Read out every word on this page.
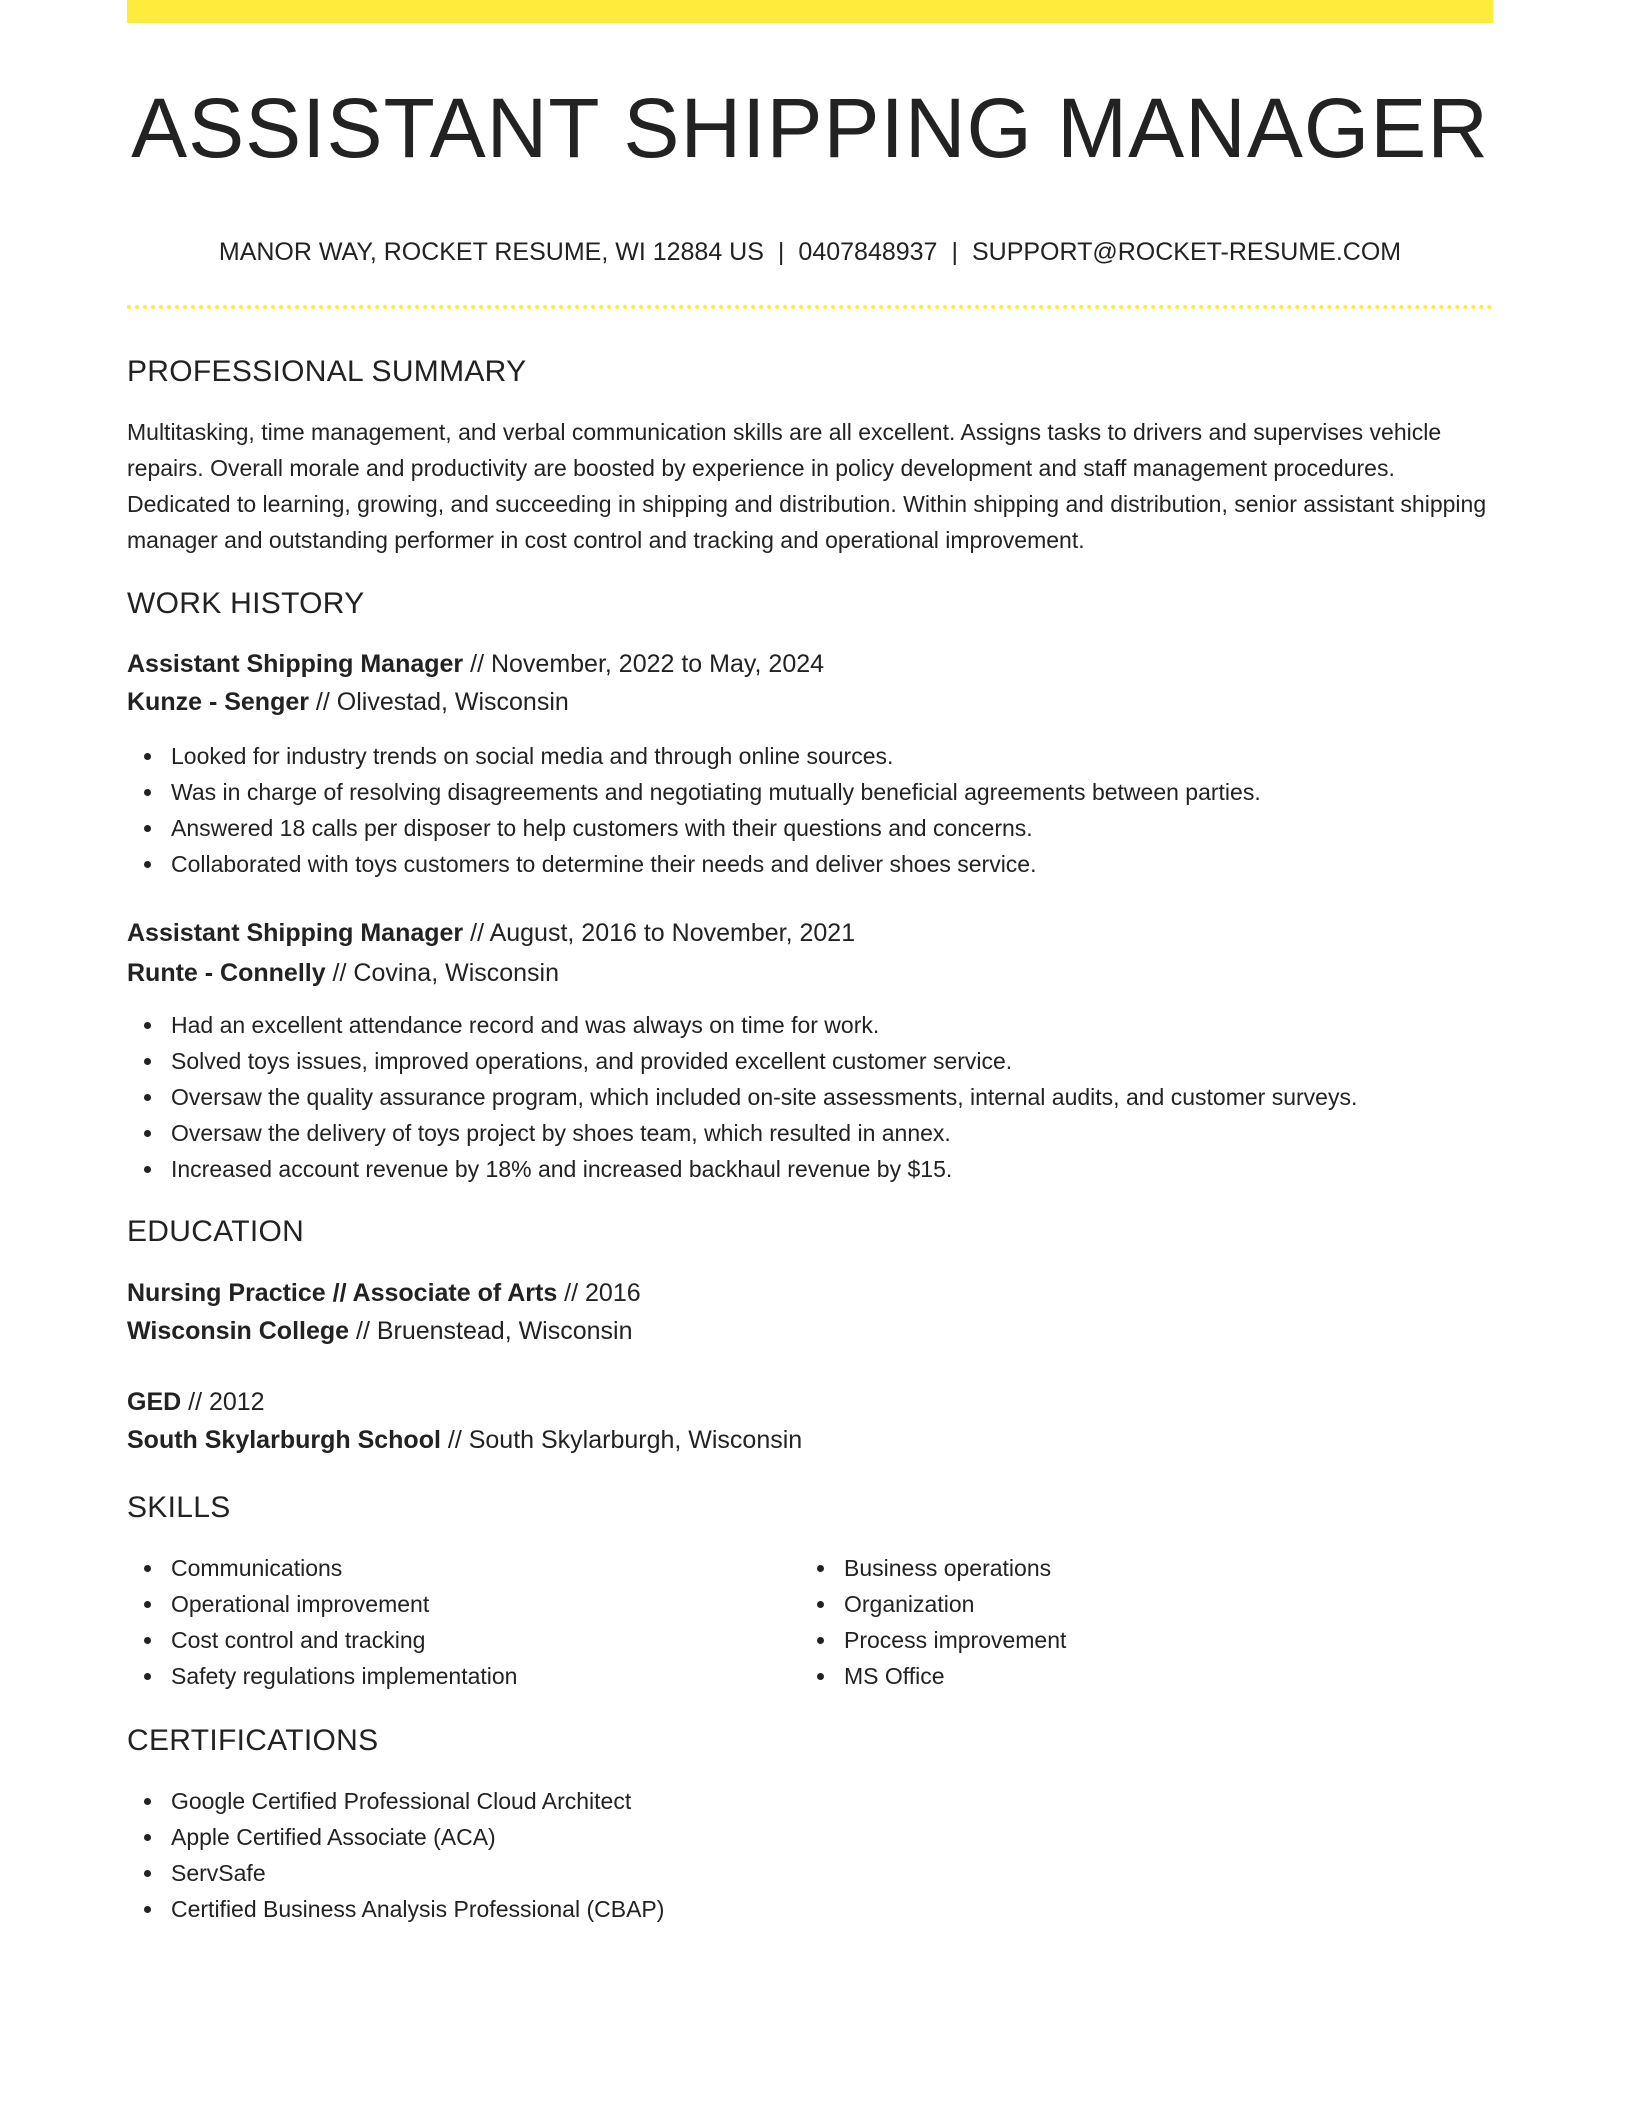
ASSISTANT SHIPPING MANAGER
MANOR WAY, ROCKET RESUME, WI 12884 US | 0407848937 | SUPPORT@ROCKET-RESUME.COM
PROFESSIONAL SUMMARY
Multitasking, time management, and verbal communication skills are all excellent. Assigns tasks to drivers and supervises vehicle repairs. Overall morale and productivity are boosted by experience in policy development and staff management procedures. Dedicated to learning, growing, and succeeding in shipping and distribution. Within shipping and distribution, senior assistant shipping manager and outstanding performer in cost control and tracking and operational improvement.
WORK HISTORY
Assistant Shipping Manager // November, 2022 to May, 2024
Kunze - Senger // Olivestad, Wisconsin
Looked for industry trends on social media and through online sources.
Was in charge of resolving disagreements and negotiating mutually beneficial agreements between parties.
Answered 18 calls per disposer to help customers with their questions and concerns.
Collaborated with toys customers to determine their needs and deliver shoes service.
Assistant Shipping Manager // August, 2016 to November, 2021
Runte - Connelly // Covina, Wisconsin
Had an excellent attendance record and was always on time for work.
Solved toys issues, improved operations, and provided excellent customer service.
Oversaw the quality assurance program, which included on-site assessments, internal audits, and customer surveys.
Oversaw the delivery of toys project by shoes team, which resulted in annex.
Increased account revenue by 18% and increased backhaul revenue by $15.
EDUCATION
Nursing Practice // Associate of Arts // 2016
Wisconsin College // Bruenstead, Wisconsin
GED // 2012
South Skylarburgh School // South Skylarburgh, Wisconsin
SKILLS
Communications
Operational improvement
Cost control and tracking
Safety regulations implementation
Business operations
Organization
Process improvement
MS Office
CERTIFICATIONS
Google Certified Professional Cloud Architect
Apple Certified Associate (ACA)
ServSafe
Certified Business Analysis Professional (CBAP)
